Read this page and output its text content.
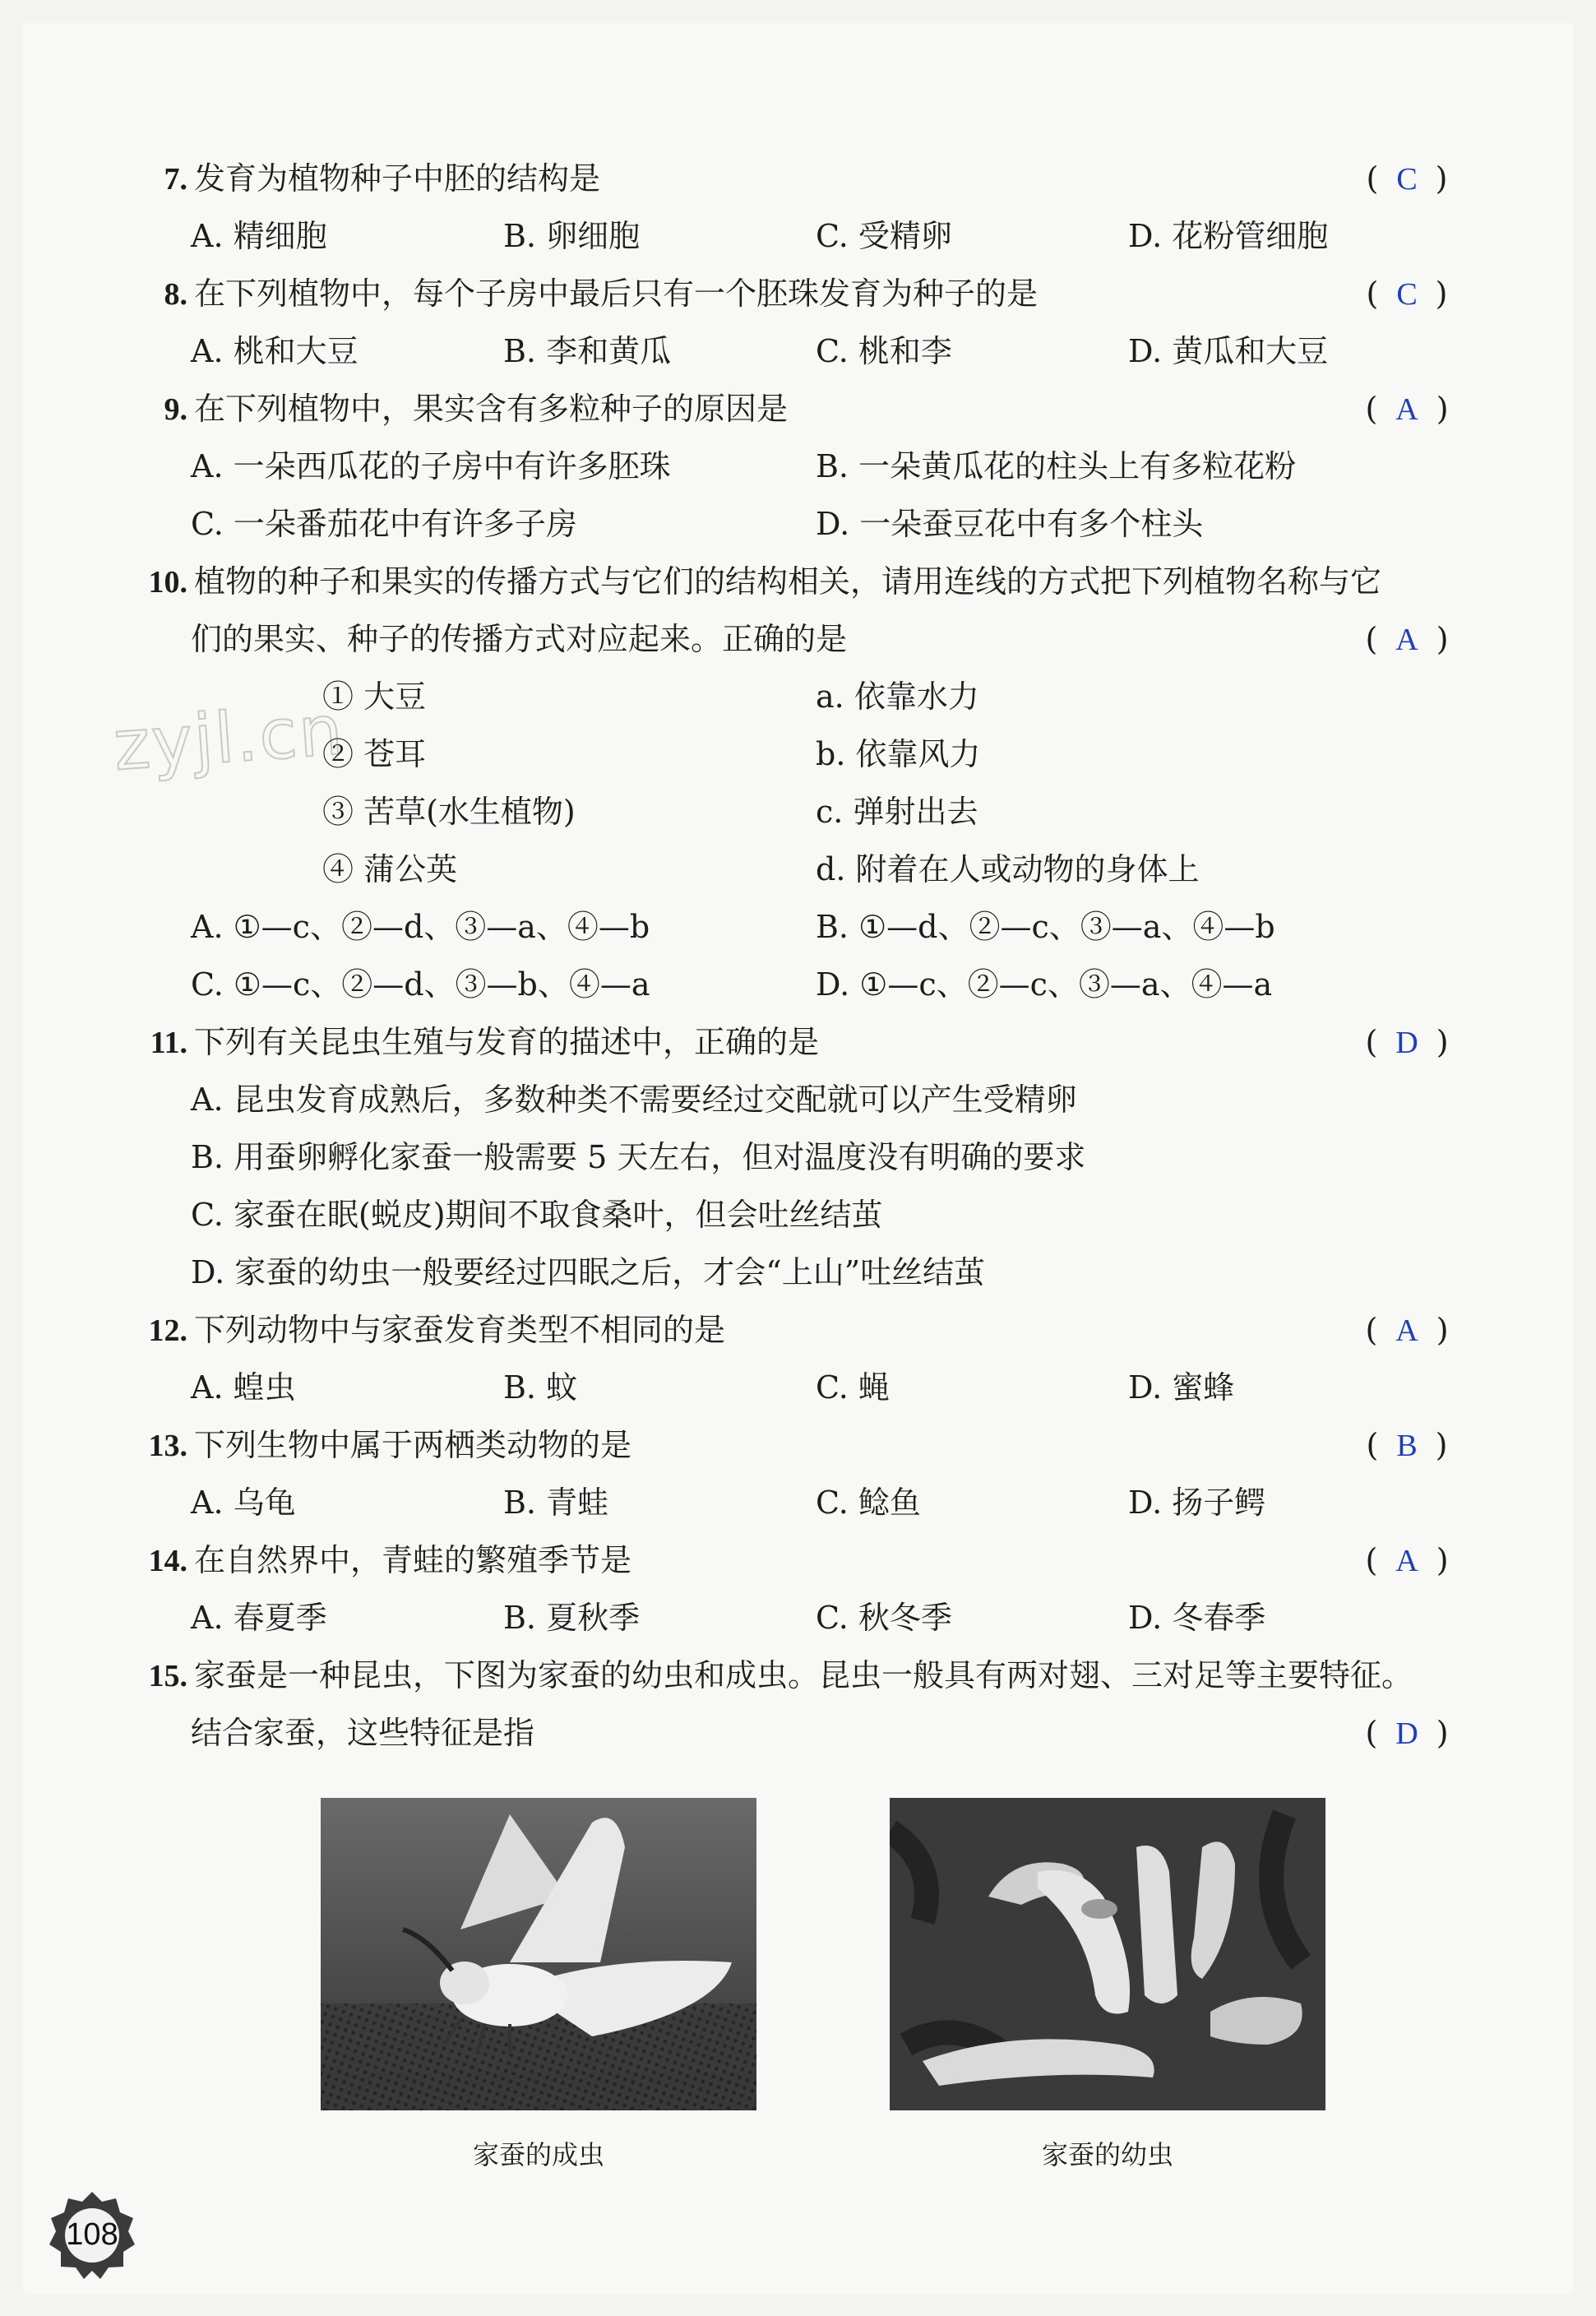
zyjl.cn
7. 发育为植物种子中胚的结构是	( C )
A. 精细胞	B. 卵细胞	C. 受精卵	D. 花粉管细胞
8. 在下列植物中，每个子房中最后只有一个胚珠发育为种子的是	( C )
A. 桃和大豆	B. 李和黄瓜	C. 桃和李	D. 黄瓜和大豆
9. 在下列植物中，果实含有多粒种子的原因是	( A )
A. 一朵西瓜花的子房中有许多胚珠	B. 一朵黄瓜花的柱头上有多粒花粉
C. 一朵番茄花中有许多子房	D. 一朵蚕豆花中有多个柱头
10. 植物的种子和果实的传播方式与它们的结构相关，请用连线的方式把下列植物名称与它
们的果实、种子的传播方式对应起来。正确的是	( A )
① 大豆	a. 依靠水力
② 苍耳	b. 依靠风力
③ 苦草(水生植物)	c. 弹射出去
④ 蒲公英	d. 附着在人或动物的身体上
A. ①—c、②—d、③—a、④—b	B. ①—d、②—c、③—a、④—b
C. ①—c、②—d、③—b、④—a	D. ①—c、②—c、③—a、④—a
11. 下列有关昆虫生殖与发育的描述中，正确的是	( D )
A. 昆虫发育成熟后，多数种类不需要经过交配就可以产生受精卵
B. 用蚕卵孵化家蚕一般需要 5 天左右，但对温度没有明确的要求
C. 家蚕在眠(蜕皮)期间不取食桑叶，但会吐丝结茧
D. 家蚕的幼虫一般要经过四眠之后，才会“上山”吐丝结茧
12. 下列动物中与家蚕发育类型不相同的是	( A )
A. 蝗虫	B. 蚊	C. 蝇	D. 蜜蜂
13. 下列生物中属于两栖类动物的是	( B )
A. 乌龟	B. 青蛙	C. 鲶鱼	D. 扬子鳄
14. 在自然界中，青蛙的繁殖季节是	( A )
A. 春夏季	B. 夏秋季	C. 秋冬季	D. 冬春季
15. 家蚕是一种昆虫，下图为家蚕的幼虫和成虫。昆虫一般具有两对翅、三对足等主要特征。
结合家蚕，这些特征是指	( D )
家蚕的成虫	家蚕的幼虫
108
